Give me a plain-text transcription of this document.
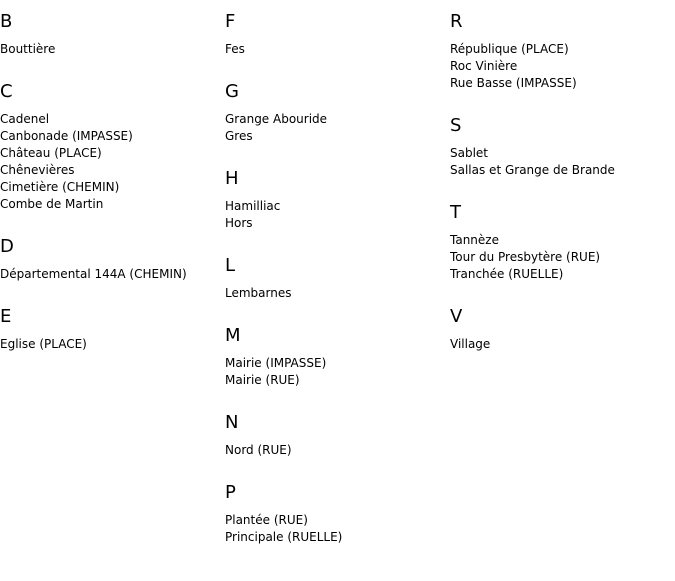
B
Bouttière
C
Cadenel
Canbonade (IMPASSE)
Château (PLACE)
Chênevières
Cimetière (CHEMIN)
Combe de Martin
D
Départemental 144A (CHEMIN)
E
Eglise (PLACE)
F
Fes
G
Grange Abouride
Gres
H
Hamilliac
Hors
L
Lembarnes
M
Mairie (IMPASSE)
Mairie (RUE)
N
Nord (RUE)
P
Plantée (RUE)
Principale (RUELLE)
R
République (PLACE)
Roc Vinière
Rue Basse (IMPASSE)
S
Sablet
Sallas et Grange de Brande
T
Tannèze
Tour du Presbytère (RUE)
Tranchée (RUELLE)
V
Village
